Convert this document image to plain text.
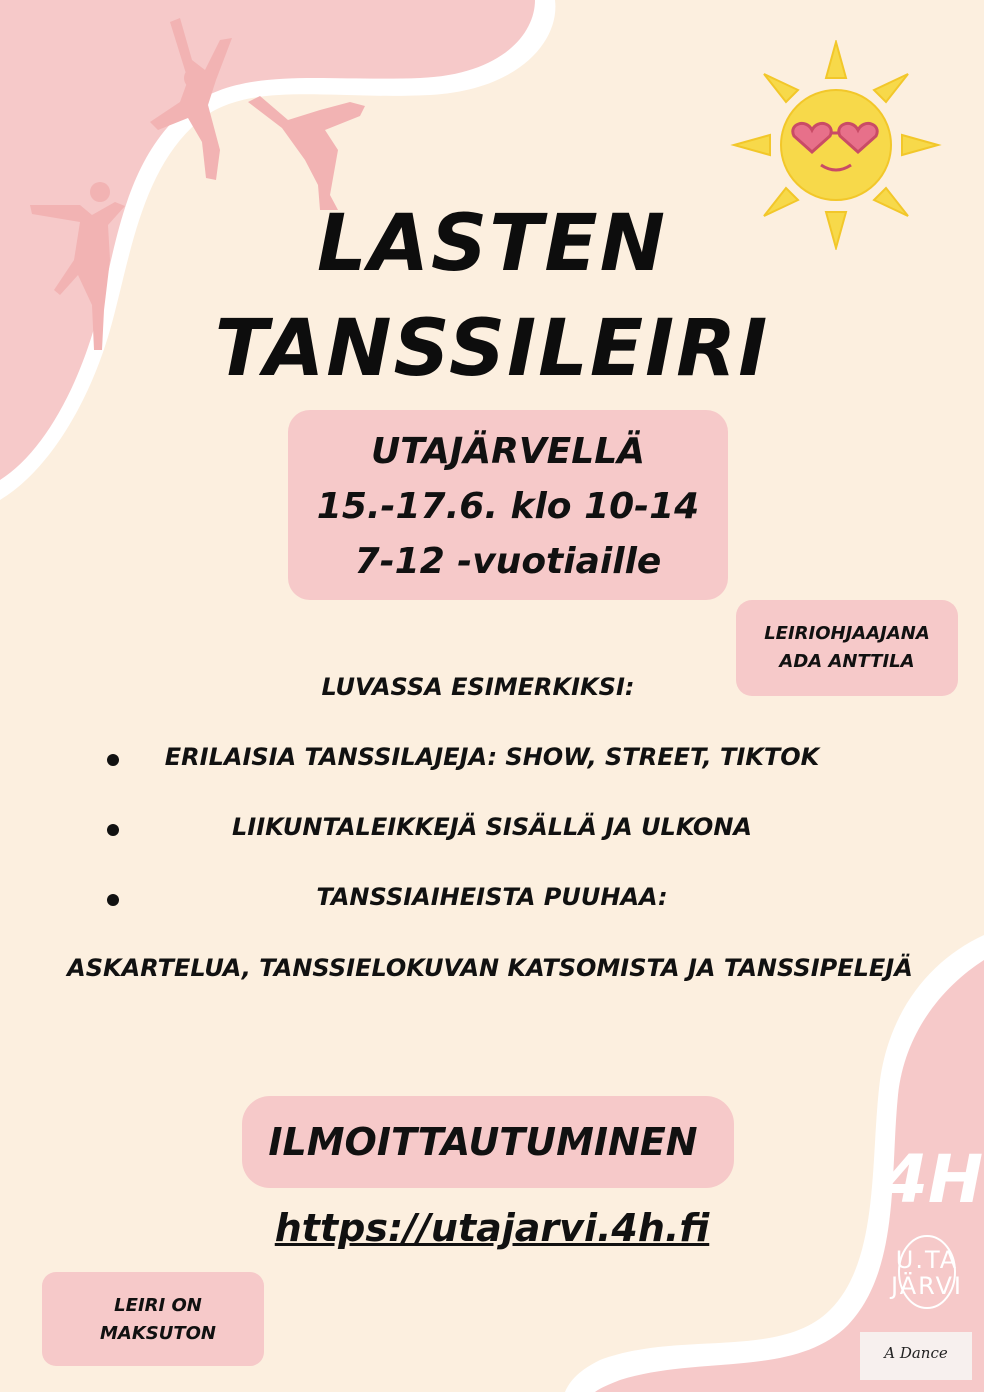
LASTEN
TANSSILEIRI
UTAJÄRVELLÄ
15.-17.6. klo 10-14
7-12 -vuotiaille
LEIRIOHJAAJANA
ADA ANTTILA
LUVASSA ESIMERKIKSI:
ERILAISIA TANSSILAJEJA: SHOW, STREET, TIKTOK
LIIKUNTALEIKKEJÄ SISÄLLÄ JA ULKONA
TANSSIAIHEISTA PUUHAA:
ASKARTELUA, TANSSIELOKUVAN KATSOMISTA JA TANSSIPELEJÄ
ILMOITTAUTUMINEN
https://utajarvi.4h.fi
LEIRI ON
MAKSUTON
4H
U.TA
JÄRVI
A Dance
